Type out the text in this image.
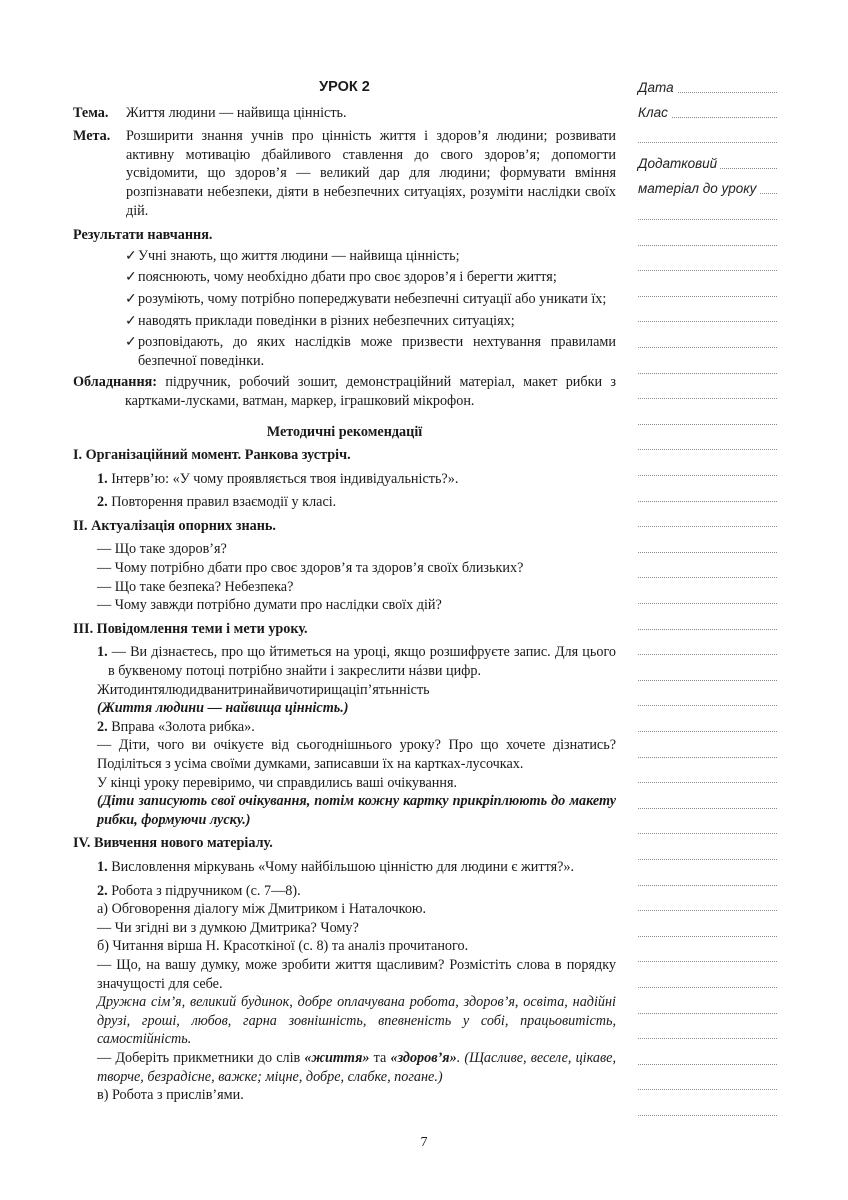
УРОК 2
Тема.	Життя людини — найвища цінність.
Мета.	Розширити знання учнів про цінність життя і здоров’я людини; розвивати активну мотивацію дбайливого ставлення до свого здоров’я; допомогти усвідомити, що здоров’я — великий дар для людини; формувати вміння розпізнавати небезпеки, діяти в небезпечних ситуаціях, розуміти наслідки своїх дій.
Результати навчання.
✓ Учні знають, що життя людини — найвища цінність;
✓ пояснюють, чому необхідно дбати про своє здоров’я і берегти життя;
✓ розуміють, чому потрібно попереджувати небезпечні ситуації або уникати їх;
✓ наводять приклади поведінки в різних небезпечних ситуаціях;
✓ розповідають, до яких наслідків може призвести нехтування правилами безпечної поведінки.
Обладнання: підручник, робочий зошит, демонстраційний матеріал, макет рибки з картками-лусками, ватман, маркер, іграшковий мікрофон.
Методичні рекомендації
I. Організаційний момент. Ранкова зустріч.
1. Інтерв’ю: «У чому проявляється твоя індивідуальність?».
2. Повторення правил взаємодії у класі.
II. Актуалізація опорних знань.
— Що таке здоров’я?
— Чому потрібно дбати про своє здоров’я та здоров’я своїх близьких?
— Що таке безпека? Небезпека?
— Чому завжди потрібно думати про наслідки своїх дій?
III. Повідомлення теми і мети уроку.
1. — Ви дізнаєтесь, про що йтиметься на уроці, якщо розшифруєте запис. Для цього в буквеному потоці потрібно знайти і закреслити нáзви цифр.
Житодинтялюдидванитринайвичотирищаціп’ятьнність
(Життя людини — найвища цінність.)
2. Вправа «Золота рибка».
— Діти, чого ви очікуєте від сьогоднішнього уроку? Про що хочете дізнатись? Поділіться з усіма своїми думками, записавши їх на картках-лусочках.
У кінці уроку перевіримо, чи справдились ваші очікування.
(Діти записують свої очікування, потім кожну картку прикріплюють до макету рибки, формуючи луску.)
IV. Вивчення нового матеріалу.
1. Висловлення міркувань «Чому найбільшою цінністю для людини є життя?».
2. Робота з підручником (с. 7—8).
а) Обговорення діалогу між Дмитриком і Наталочкою.
— Чи згідні ви з думкою Дмитрика? Чому?
б) Читання вірша Н. Красоткіної (с. 8) та аналіз прочитаного.
— Що, на вашу думку, може зробити життя щасливим? Розмістіть слова в порядку значущості для себе.
Дружна сім’я, великий будинок, добре оплачувана робота, здоров’я, освіта, надійні друзі, гроші, любов, гарна зовнішність, впевненість у собі, працьовитість, самостійність.
— Доберіть прикметники до слів «життя» та «здоров’я». (Щасливе, веселе, цікаве, творче, безрадісне, важке; міцне, добре, слабке, погане.)
в) Робота з прислів’ями.
Дата
Клас
Додатковий
матеріал до уроку
7
